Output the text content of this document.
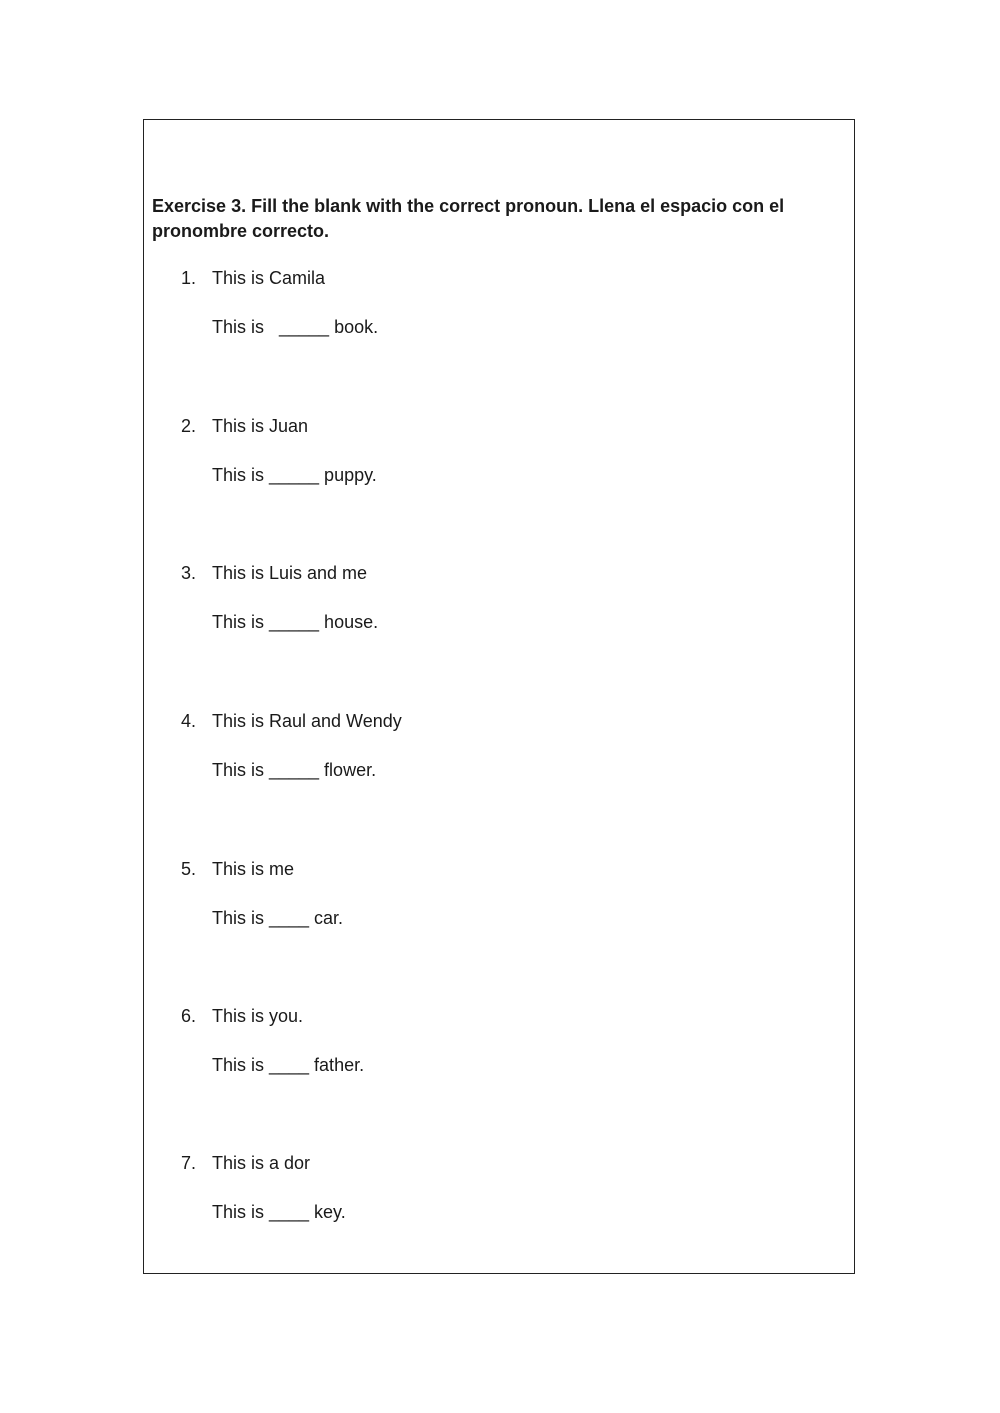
Exercise 3. Fill the blank with the correct pronoun. Llena el espacio con el pronombre correcto.

1. This is Camila
This is   _____ book.
2. This is Juan
This is _____ puppy.
3. This is Luis and me
This is _____ house.
4. This is Raul and Wendy
This is _____ flower.
5. This is me
This is ____ car.
6. This is you.
This is ____ father.
7. This is a dor
This is ____ key.
